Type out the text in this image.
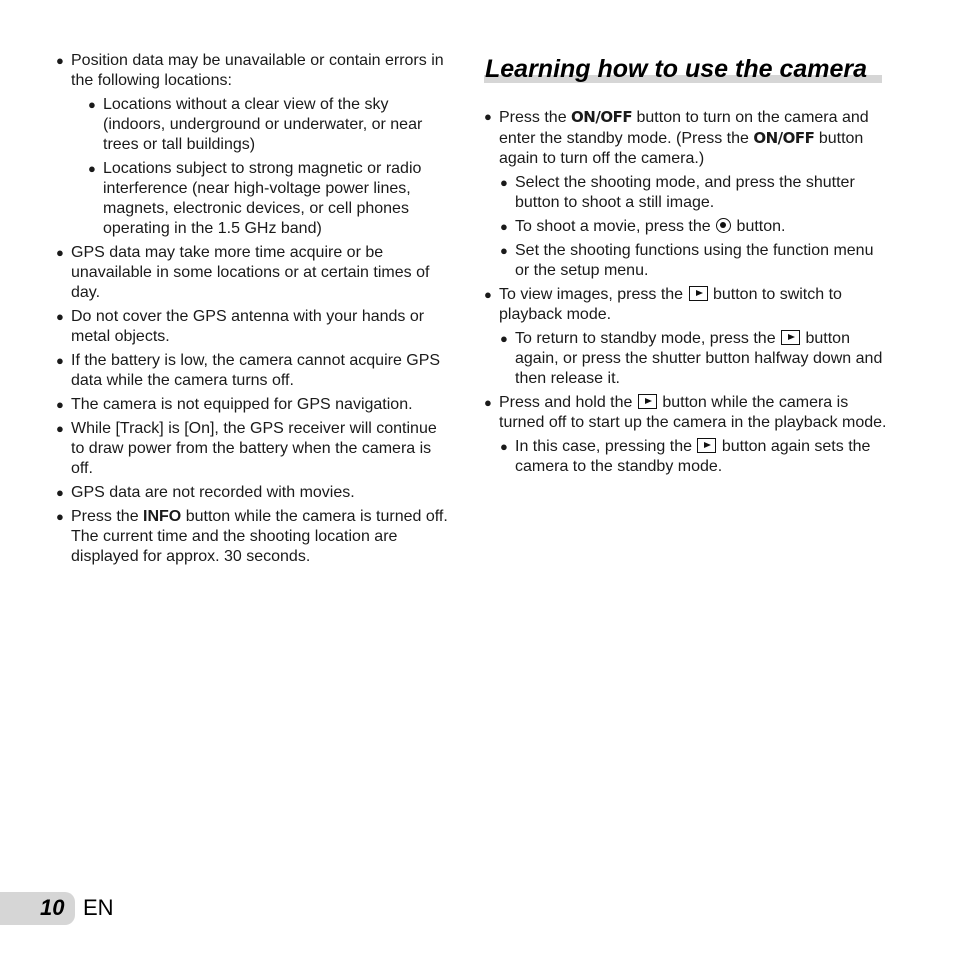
● Position data may be unavailable or contain errors in the following locations:
● Locations without a clear view of the sky (indoors, underground or underwater, or near trees or tall buildings)
● Locations subject to strong magnetic or radio interference (near high-voltage power lines, magnets, electronic devices, or cell phones operating in the 1.5 GHz band)
● GPS data may take more time acquire or be unavailable in some locations or at certain times of day.
● Do not cover the GPS antenna with your hands or metal objects.
● If the battery is low, the camera cannot acquire GPS data while the camera turns off.
● The camera is not equipped for GPS navigation.
● While [Track] is [On], the GPS receiver will continue to draw power from the battery when the camera is off.
● GPS data are not recorded with movies.
● Press the INFO button while the camera is turned off. The current time and the shooting location are displayed for approx. 30 seconds.
Learning how to use the camera
● Press the ON/OFF button to turn on the camera and enter the standby mode. (Press the ON/OFF button again to turn off the camera.)
● Select the shooting mode, and press the shutter button to shoot a still image.
● To shoot a movie, press the  button.
● Set the shooting functions using the function menu or the setup menu.
● To view images, press the  button to switch to playback mode.
● To return to standby mode, press the  button again, or press the shutter button halfway down and then release it.
● Press and hold the  button while the camera is turned off to start up the camera in the playback mode.
● In this case, pressing the  button again sets the camera to the standby mode.
10 EN
